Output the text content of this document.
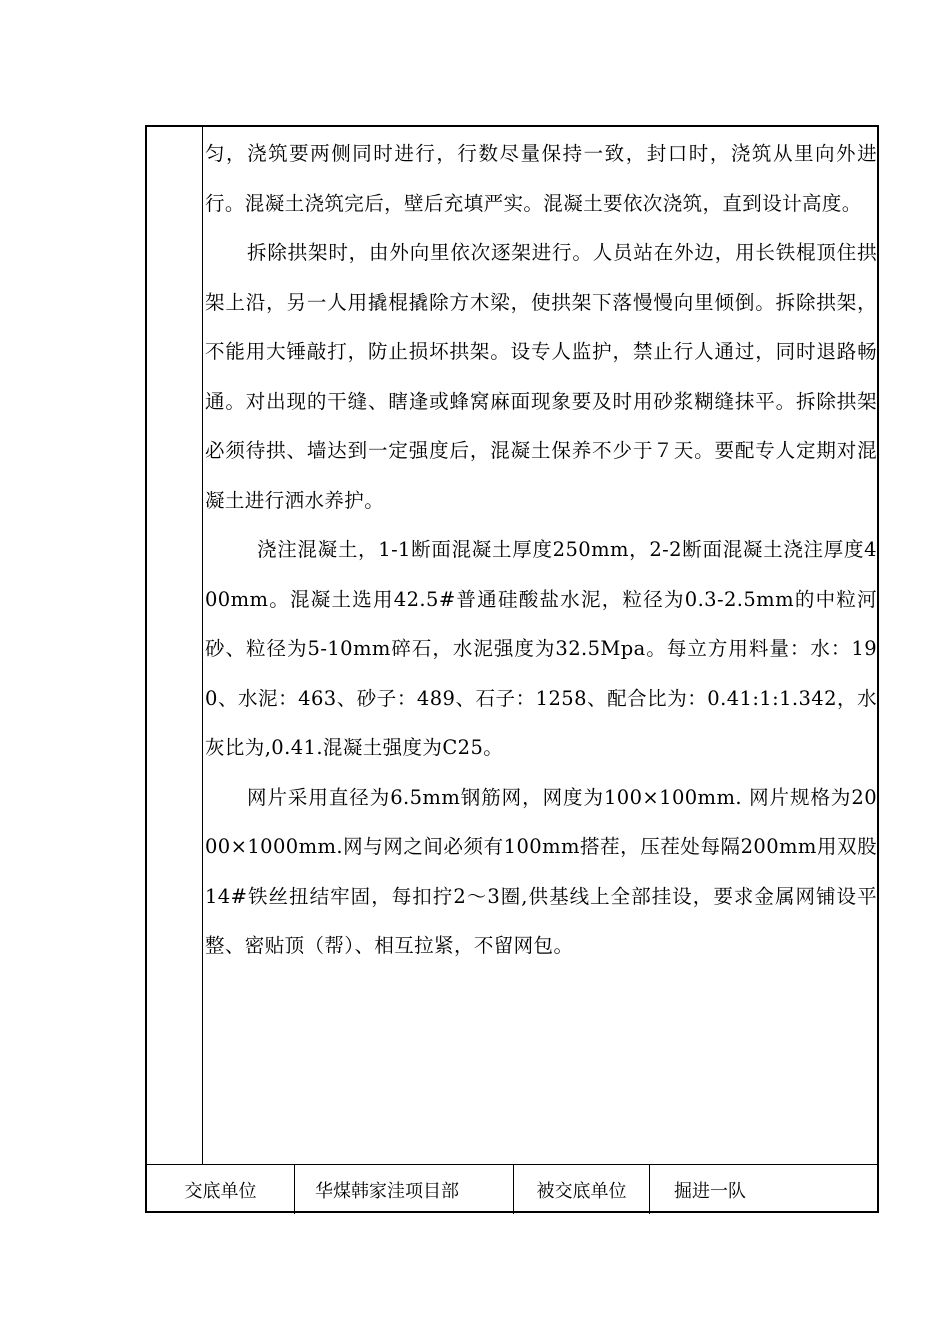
匀，浇筑要两侧同时进行，行数尽量保持一致，封口时，浇筑从里向外进行。混凝土浇筑完后，壁后充填严实。混凝土要依次浇筑，直到设计高度。

拆除拱架时，由外向里依次逐架进行。人员站在外边，用长铁棍顶住拱架上沿，另一人用撬棍撬除方木梁，使拱架下落慢慢向里倾倒。拆除拱架，不能用大锤敲打，防止损坏拱架。设专人监护，禁止行人通过，同时退路畅通。对出现的干缝、瞎逢或蜂窝麻面现象要及时用砂浆糊缝抹平。拆除拱架必须待拱、墙达到一定强度后，混凝土保养不少于７天。要配专人定期对混凝土进行洒水养护。

浇注混凝土，1-1断面混凝土厚度250mm，2-2断面混凝土浇注厚度400mm。混凝土选用42.5#普通硅酸盐水泥，粒径为0.3-2.5mm的中粒河砂、粒径为5-10mm碎石，水泥强度为32.5Mpa。每立方用料量：水：190、水泥：463、砂子：489、石子：1258、配合比为：0.41:1:1.342，水灰比为,0.41.混凝土强度为C25。

网片采用直径为6.5mm钢筋网，网度为100×100mm. 网片规格为2000×1000mm.网与网之间必须有100mm搭茬，压茬处每隔200mm用双股14#铁丝扭结牢固，每扣拧2～3圈,供基线上全部挂设，要求金属网铺设平整、密贴顶（帮）、相互拉紧，不留网包。

交底单位	华煤韩家洼项目部	被交底单位	掘进一队
